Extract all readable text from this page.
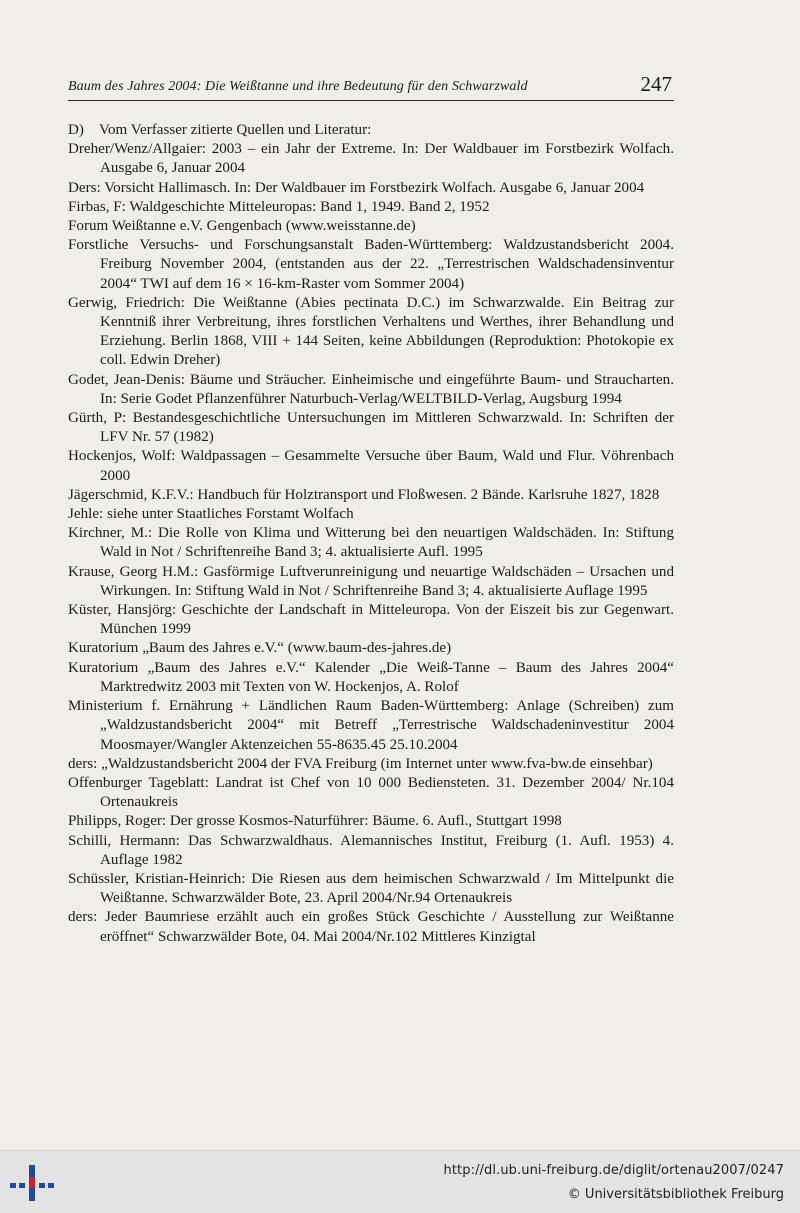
Baum des Jahres 2004: Die Weißtanne und ihre Bedeutung für den Schwarzwald	247

D) Vom Verfasser zitierte Quellen und Literatur:

Dreher/Wenz/Allgaier: 2003 – ein Jahr der Extreme. In: Der Waldbauer im Forstbezirk Wolfach. Ausgabe 6, Januar 2004
Ders: Vorsicht Hallimasch. In: Der Waldbauer im Forstbezirk Wolfach. Ausgabe 6, Januar 2004
Firbas, F: Waldgeschichte Mitteleuropas: Band 1, 1949. Band 2, 1952
Forum Weißtanne e.V. Gengenbach (www.weisstanne.de)
Forstliche Versuchs- und Forschungsanstalt Baden-Württemberg: Waldzustandsbericht 2004. Freiburg November 2004, (entstanden aus der 22. „Terrestrischen Waldschadensinventur 2004“ TWI auf dem 16 × 16-km-Raster vom Sommer 2004)
Gerwig, Friedrich: Die Weißtanne (Abies pectinata D.C.) im Schwarzwalde. Ein Beitrag zur Kenntniß ihrer Verbreitung, ihres forstlichen Verhaltens und Werthes, ihrer Behandlung und Erziehung. Berlin 1868, VIII + 144 Seiten, keine Abbildungen (Reproduktion: Photokopie ex coll. Edwin Dreher)
Godet, Jean-Denis: Bäume und Sträucher. Einheimische und eingeführte Baum- und Straucharten. In: Serie Godet Pflanzenführer Naturbuch-Verlag/WELTBILD-Verlag, Augsburg 1994
Gürth, P: Bestandesgeschichtliche Untersuchungen im Mittleren Schwarzwald. In: Schriften der LFV Nr. 57 (1982)
Hockenjos, Wolf: Waldpassagen – Gesammelte Versuche über Baum, Wald und Flur. Vöhrenbach 2000
Jägerschmid, K.F.V.: Handbuch für Holztransport und Floßwesen. 2 Bände. Karlsruhe 1827, 1828
Jehle: siehe unter Staatliches Forstamt Wolfach
Kirchner, M.: Die Rolle von Klima und Witterung bei den neuartigen Waldschäden. In: Stiftung Wald in Not / Schriftenreihe Band 3; 4. aktualisierte Aufl. 1995
Krause, Georg H.M.: Gasförmige Luftverunreinigung und neuartige Waldschäden – Ursachen und Wirkungen. In: Stiftung Wald in Not / Schriftenreihe Band 3; 4. aktualisierte Auflage 1995
Küster, Hansjörg: Geschichte der Landschaft in Mitteleuropa. Von der Eiszeit bis zur Gegenwart. München 1999
Kuratorium „Baum des Jahres e.V.“ (www.baum-des-jahres.de)
Kuratorium „Baum des Jahres e.V.“ Kalender „Die Weiß-Tanne – Baum des Jahres 2004“ Marktredwitz 2003 mit Texten von W. Hockenjos, A. Rolof
Ministerium f. Ernährung + Ländlichen Raum Baden-Württemberg: Anlage (Schreiben) zum „Waldzustandsbericht 2004“ mit Betreff „Terrestrische Waldschadeninvestitur 2004 Moosmayer/Wangler Aktenzeichen 55-8635.45 25.10.2004
ders: „Waldzustandsbericht 2004 der FVA Freiburg (im Internet unter www.fva-bw.de einsehbar)
Offenburger Tageblatt: Landrat ist Chef von 10 000 Bediensteten. 31. Dezember 2004/ Nr.104 Ortenaukreis
Philipps, Roger: Der grosse Kosmos-Naturführer: Bäume. 6. Aufl., Stuttgart 1998
Schilli, Hermann: Das Schwarzwaldhaus. Alemannisches Institut, Freiburg (1. Aufl. 1953) 4. Auflage 1982
Schüssler, Kristian-Heinrich: Die Riesen aus dem heimischen Schwarzwald / Im Mittelpunkt die Weißtanne. Schwarzwälder Bote, 23. April 2004/Nr.94 Ortenaukreis
ders: Jeder Baumriese erzählt auch ein großes Stück Geschichte / Ausstellung zur Weißtanne eröffnet“ Schwarzwälder Bote, 04. Mai 2004/Nr.102 Mittleres Kinzigtal
http://dl.ub.uni-freiburg.de/diglit/ortenau2007/0247
© Universitätsbibliothek Freiburg
